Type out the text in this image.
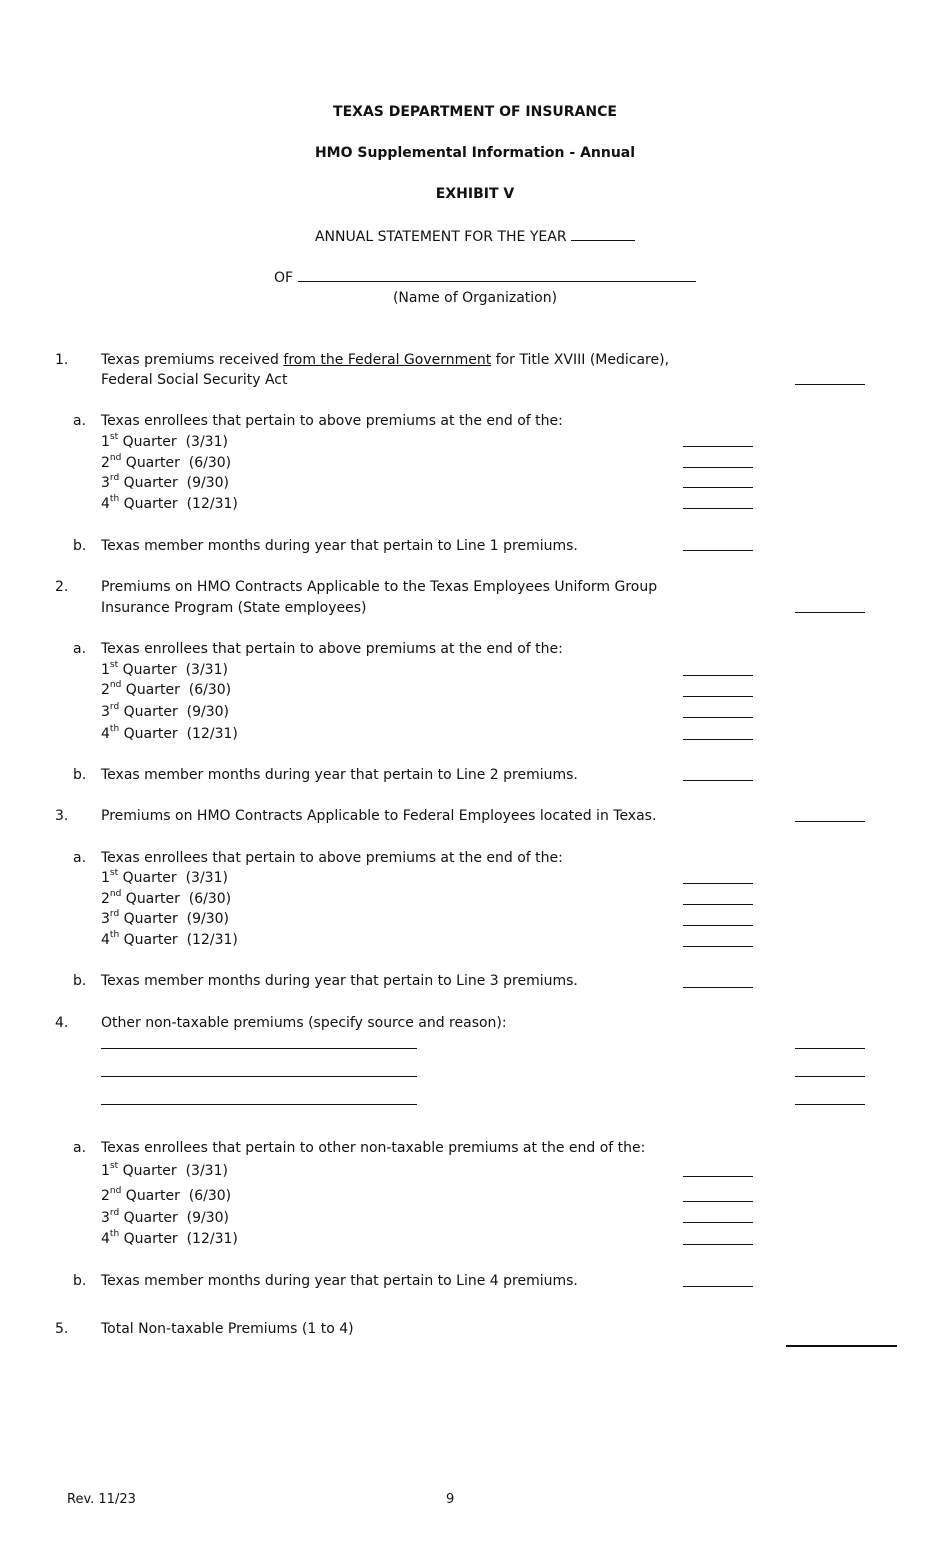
TEXAS DEPARTMENT OF INSURANCE
HMO Supplemental Information - Annual
EXHIBIT V
ANNUAL STATEMENT FOR THE YEAR
OF
(Name of Organization)
1. Texas premiums received from the Federal Government for Title XVIII (Medicare),
Federal Social Security Act
a. Texas enrollees that pertain to above premiums at the end of the:
1st Quarter  (3/31)
2nd Quarter  (6/30)
3rd Quarter  (9/30)
4th Quarter  (12/31)
b. Texas member months during year that pertain to Line 1 premiums.
2. Premiums on HMO Contracts Applicable to the Texas Employees Uniform Group
Insurance Program (State employees)
a. Texas enrollees that pertain to above premiums at the end of the:
1st Quarter  (3/31)
2nd Quarter  (6/30)
3rd Quarter  (9/30)
4th Quarter  (12/31)
b. Texas member months during year that pertain to Line 2 premiums.
3. Premiums on HMO Contracts Applicable to Federal Employees located in Texas.
a. Texas enrollees that pertain to above premiums at the end of the:
1st Quarter  (3/31)
2nd Quarter  (6/30)
3rd Quarter  (9/30)
4th Quarter  (12/31)
b. Texas member months during year that pertain to Line 3 premiums.
4. Other non-taxable premiums (specify source and reason):
a. Texas enrollees that pertain to other non-taxable premiums at the end of the:
1st Quarter  (3/31)
2nd Quarter  (6/30)
3rd Quarter  (9/30)
4th Quarter  (12/31)
b. Texas member months during year that pertain to Line 4 premiums.
5. Total Non-taxable Premiums (1 to 4)
Rev. 11/23	9
